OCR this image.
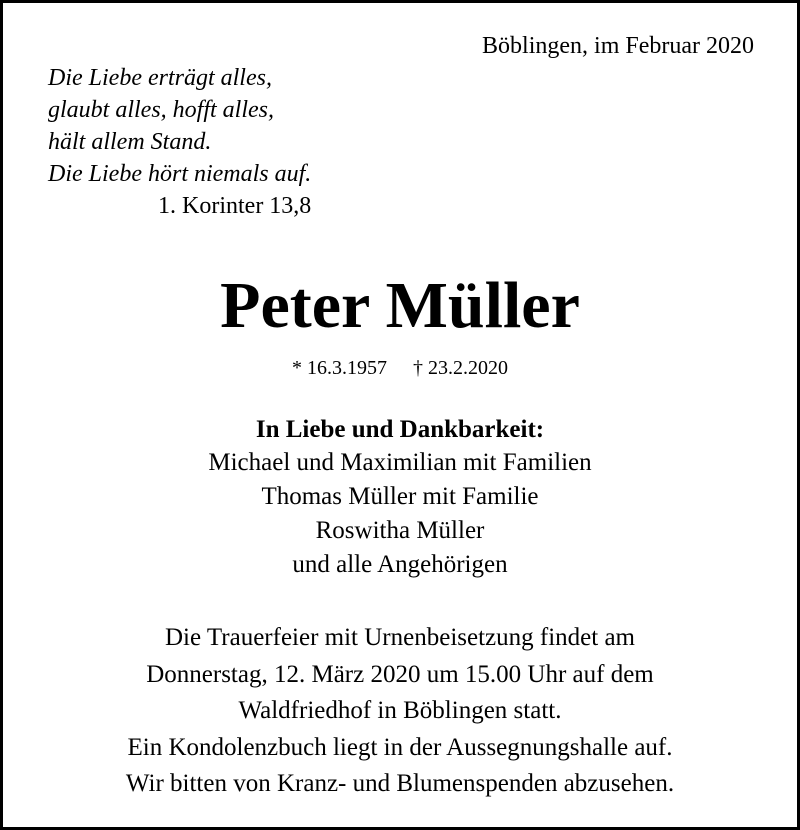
Böblingen, im Februar 2020
Die Liebe erträgt alles,
glaubt alles, hofft alles,
hält allem Stand.
Die Liebe hört niemals auf.
1. Korinter 13,8
Peter Müller
* 16.3.1957 † 23.2.2020
In Liebe und Dankbarkeit:
Michael und Maximilian mit Familien
Thomas Müller mit Familie
Roswitha Müller
und alle Angehörigen
Die Trauerfeier mit Urnenbeisetzung findet am
Donnerstag, 12. März 2020 um 15.00 Uhr auf dem
Waldfriedhof in Böblingen statt.
Ein Kondolenzbuch liegt in der Aussegnungshalle auf.
Wir bitten von Kranz- und Blumenspenden abzusehen.
